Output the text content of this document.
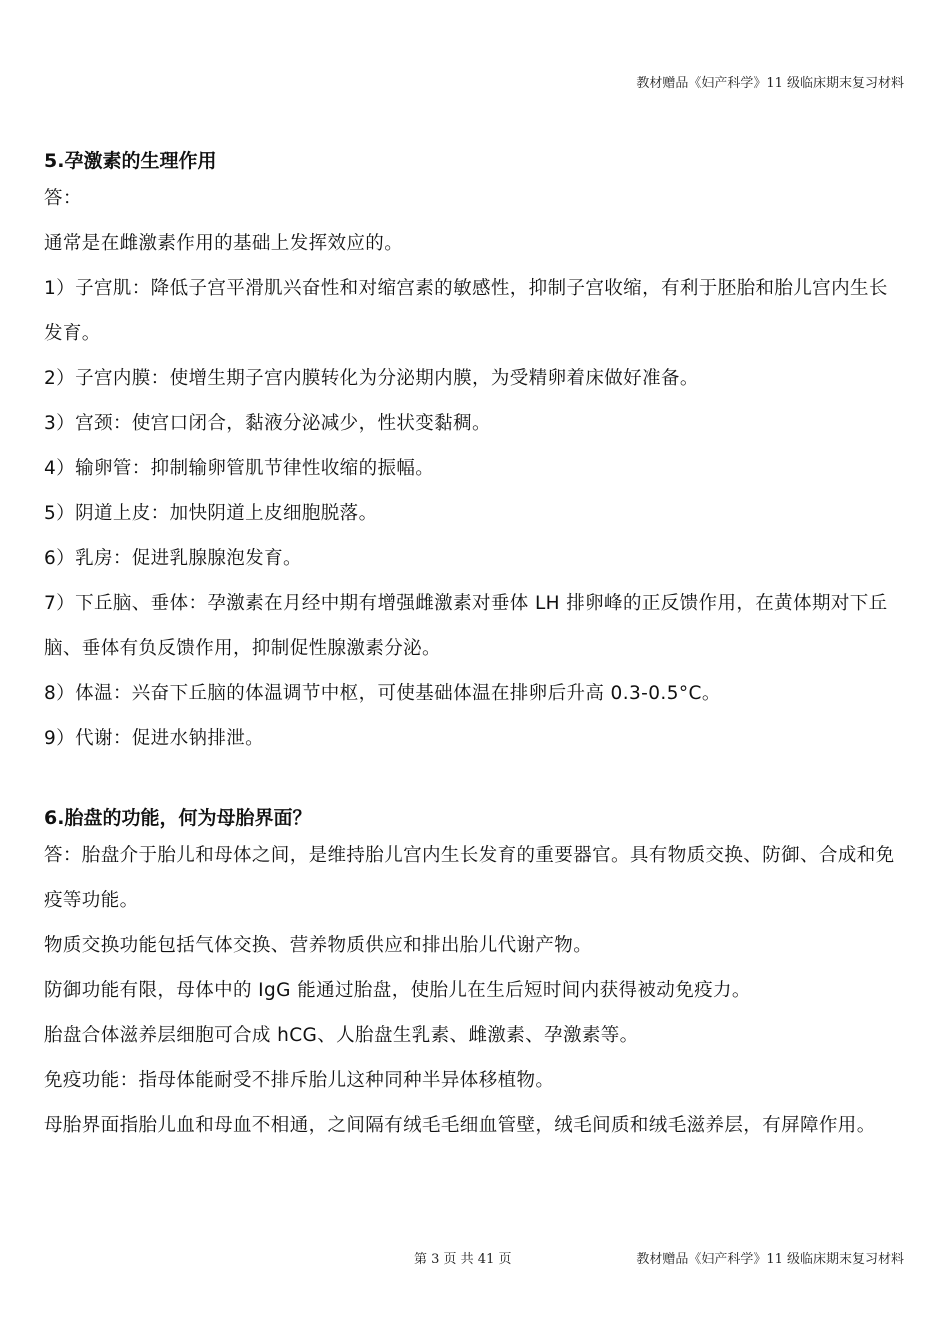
教材赠品《妇产科学》11 级临床期末复习材料
5.孕激素的生理作用

答：

通常是在雌激素作用的基础上发挥效应的。

1）子宫肌：降低子宫平滑肌兴奋性和对缩宫素的敏感性，抑制子宫收缩，有利于胚胎和胎儿宫内生长发育。

2）子宫内膜：使增生期子宫内膜转化为分泌期内膜，为受精卵着床做好准备。

3）宫颈：使宫口闭合，黏液分泌减少，性状变黏稠。

4）输卵管：抑制输卵管肌节律性收缩的振幅。

5）阴道上皮：加快阴道上皮细胞脱落。

6）乳房：促进乳腺腺泡发育。

7）下丘脑、垂体：孕激素在月经中期有增强雌激素对垂体 LH 排卵峰的正反馈作用，在黄体期对下丘脑、垂体有负反馈作用，抑制促性腺激素分泌。

8）体温：兴奋下丘脑的体温调节中枢，可使基础体温在排卵后升高 0.3-0.5°C。

9）代谢：促进水钠排泄。

6.胎盘的功能，何为母胎界面？

答：胎盘介于胎儿和母体之间，是维持胎儿宫内生长发育的重要器官。具有物质交换、防御、合成和免疫等功能。

物质交换功能包括气体交换、营养物质供应和排出胎儿代谢产物。

防御功能有限，母体中的 IgG 能通过胎盘，使胎儿在生后短时间内获得被动免疫力。

胎盘合体滋养层细胞可合成 hCG、人胎盘生乳素、雌激素、孕激素等。

免疫功能：指母体能耐受不排斥胎儿这种同种半异体移植物。

母胎界面指胎儿血和母血不相通，之间隔有绒毛毛细血管壁，绒毛间质和绒毛滋养层，有屏障作用。

第 3 页 共 41 页	教材赠品《妇产科学》11 级临床期末复习材料
